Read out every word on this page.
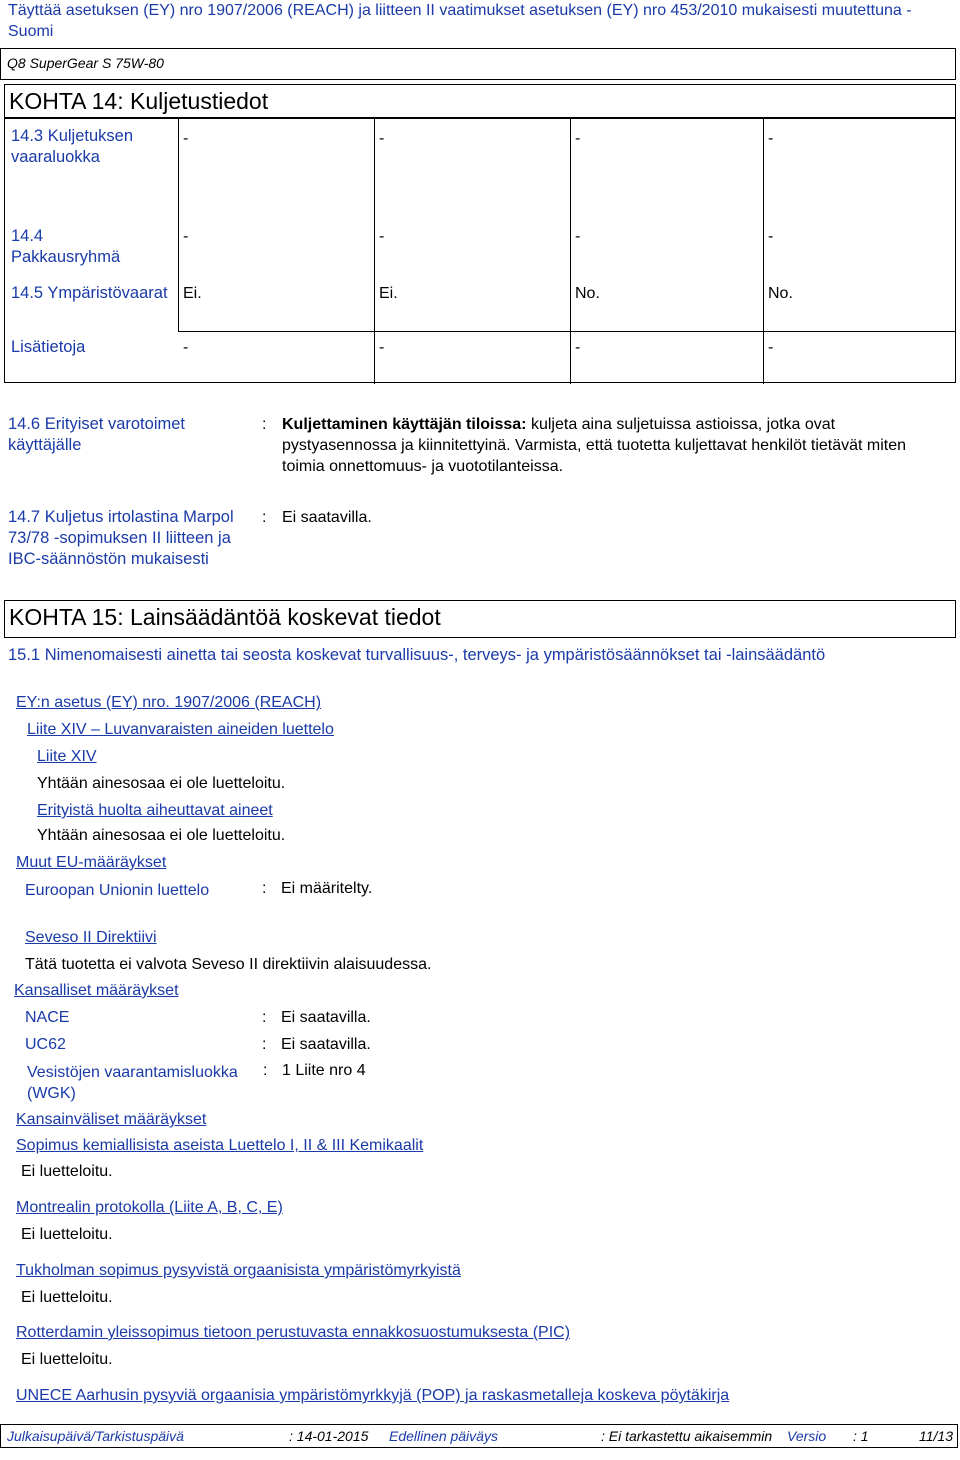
Täyttää asetuksen (EY) nro 1907/2006 (REACH) ja liitteen II vaatimukset asetuksen (EY) nro 453/2010 mukaisesti muutettuna - Suomi
Q8 SuperGear S 75W-80
KOHTA 14: Kuljetustiedot
14.3 Kuljetuksen vaaraluokka
-	-	-	-
14.4 Pakkausryhmä
-	-	-	-
14.5 Ympäristövaarat Ei.	Ei.	No.	No.
Lisätietoja	-	-	-	-
14.6 Erityiset varotoimet käyttäjälle
: Kuljettaminen käyttäjän tiloissa: kuljeta aina suljetuissa astioissa, jotka ovat pystyasennossa ja kiinnitettyinä. Varmista, että tuotetta kuljettavat henkilöt tietävät miten toimia onnettomuus- ja vuototilanteissa.
14.7 Kuljetus irtolastina Marpol 73/78 -sopimuksen II liitteen ja IBC-säännöstön mukaisesti
: Ei saatavilla.
KOHTA 15: Lainsäädäntöä koskevat tiedot
15.1 Nimenomaisesti ainetta tai seosta koskevat turvallisuus-, terveys- ja ympäristösäännökset tai -lainsäädäntö
EY:n asetus (EY) nro. 1907/2006 (REACH)
Liite XIV – Luvanvaraisten aineiden luettelo
Liite XIV
Yhtään ainesosaa ei ole luetteloitu.
Erityistä huolta aiheuttavat aineet
Yhtään ainesosaa ei ole luetteloitu.
Muut EU-määräykset
Euroopan Unionin luettelo	: Ei määritelty.
Seveso II Direktiivi
Tätä tuotetta ei valvota Seveso II direktiivin alaisuudessa.
Kansalliset määräykset
NACE	: Ei saatavilla.
UC62	: Ei saatavilla.
Vesistöjen vaarantamisluokka (WGK)
: 1 Liite nro 4
Kansainväliset määräykset
Sopimus kemiallisista aseista Luettelo I, II & III Kemikaalit
Ei luetteloitu.
Montrealin protokolla (Liite A, B, C, E)
Ei luetteloitu.
Tukholman sopimus pysyvistä orgaanisista ympäristömyrkyistä
Ei luetteloitu.
Rotterdamin yleissopimus tietoon perustuvasta ennakkosuostumuksesta (PIC)
Ei luetteloitu.
UNECE Aarhusin pysyviä orgaanisia ympäristömyrkkyjä (POP) ja raskasmetalleja koskeva pöytäkirja
Julkaisupäivä/Tarkistuspäivä	: 14-01-2015 Edellinen päiväys	: Ei tarkastettu aikaisemmin Versio : 1	11/13
